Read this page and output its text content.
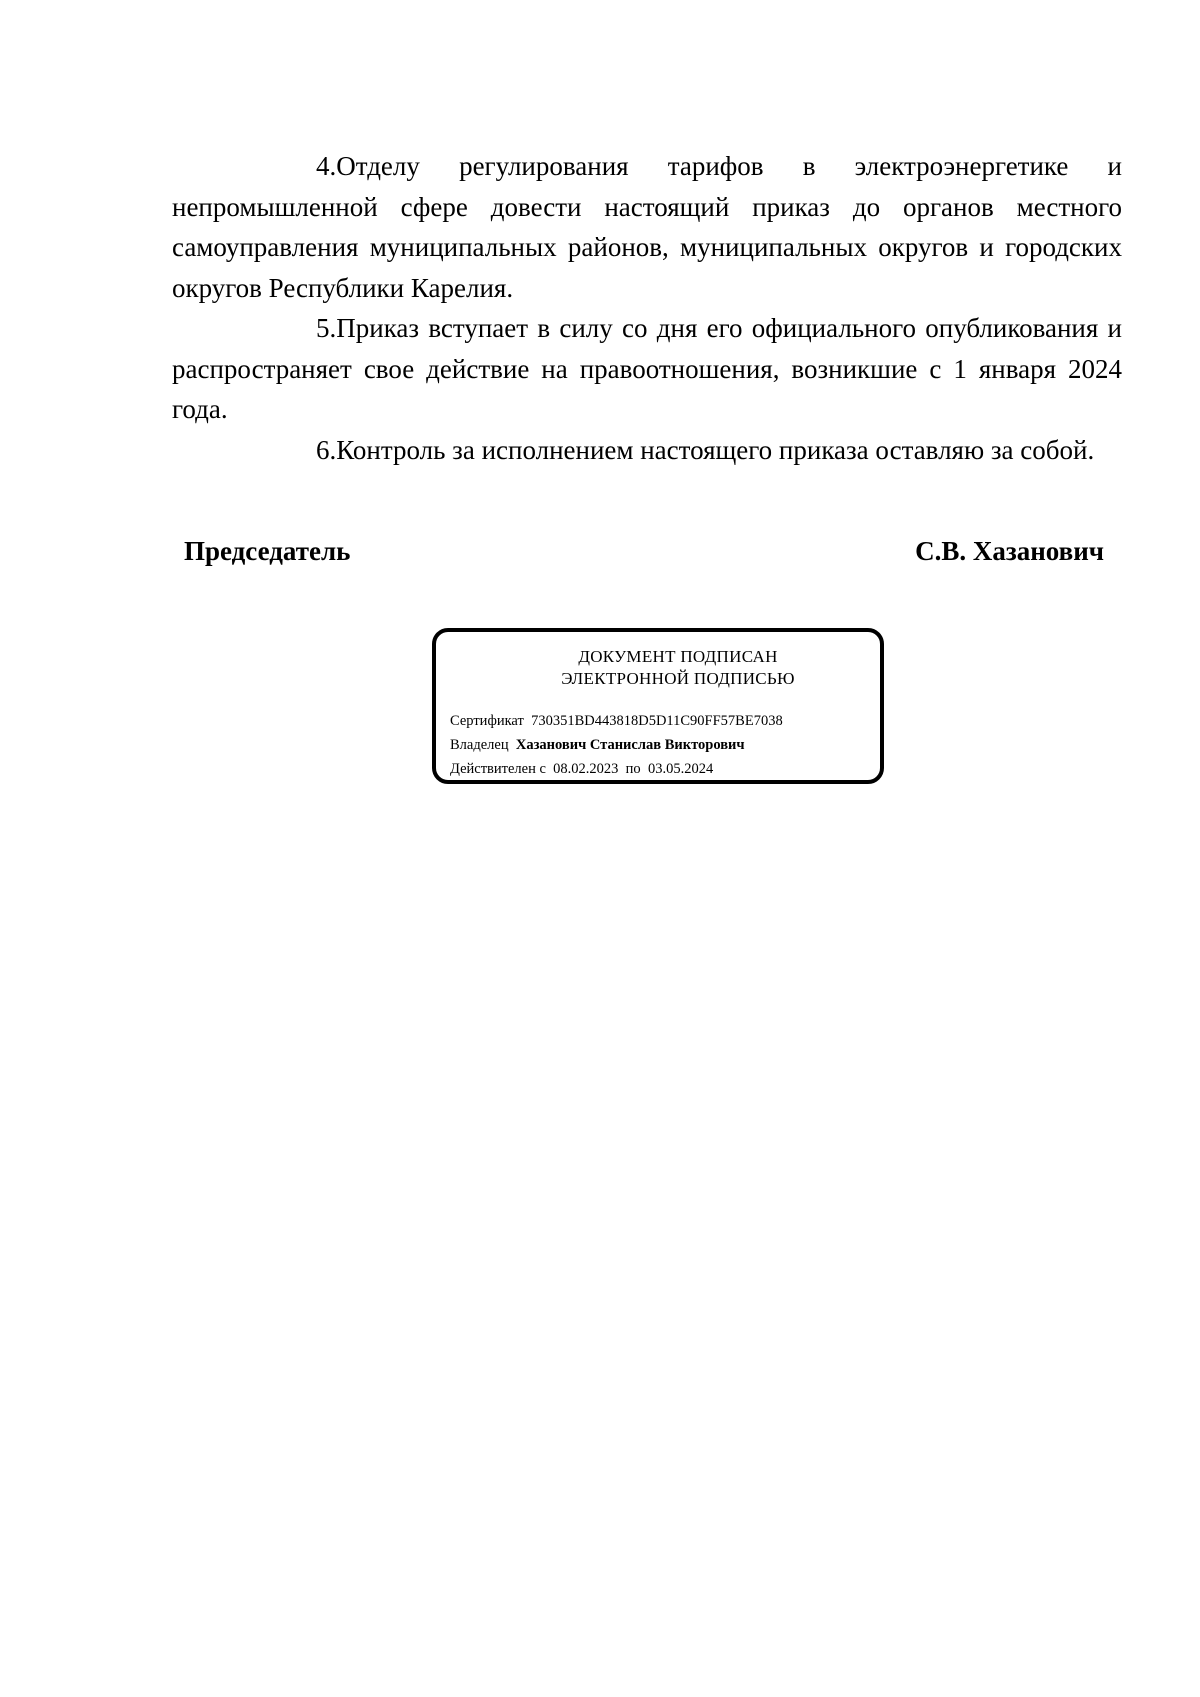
4.Отделу регулирования тарифов в электроэнергетике и непромышленной сфере довести настоящий приказ до органов местного самоуправления муниципальных районов, муниципальных округов и городских округов Республики Карелия.

5.Приказ вступает в силу со дня его официального опубликования и распространяет свое действие на правоотношения, возникшие с 1 января 2024 года.

6.Контроль за исполнением настоящего приказа оставляю за собой.

Председатель	С.В. Хазанович
ДОКУМЕНТ ПОДПИСАН
ЭЛЕКТРОННОЙ ПОДПИСЬЮ
Сертификат 730351BD443818D5D11C90FF57BE7038
Владелец Хазанович Станислав Викторович
Действителен с 08.02.2023 по 03.05.2024
